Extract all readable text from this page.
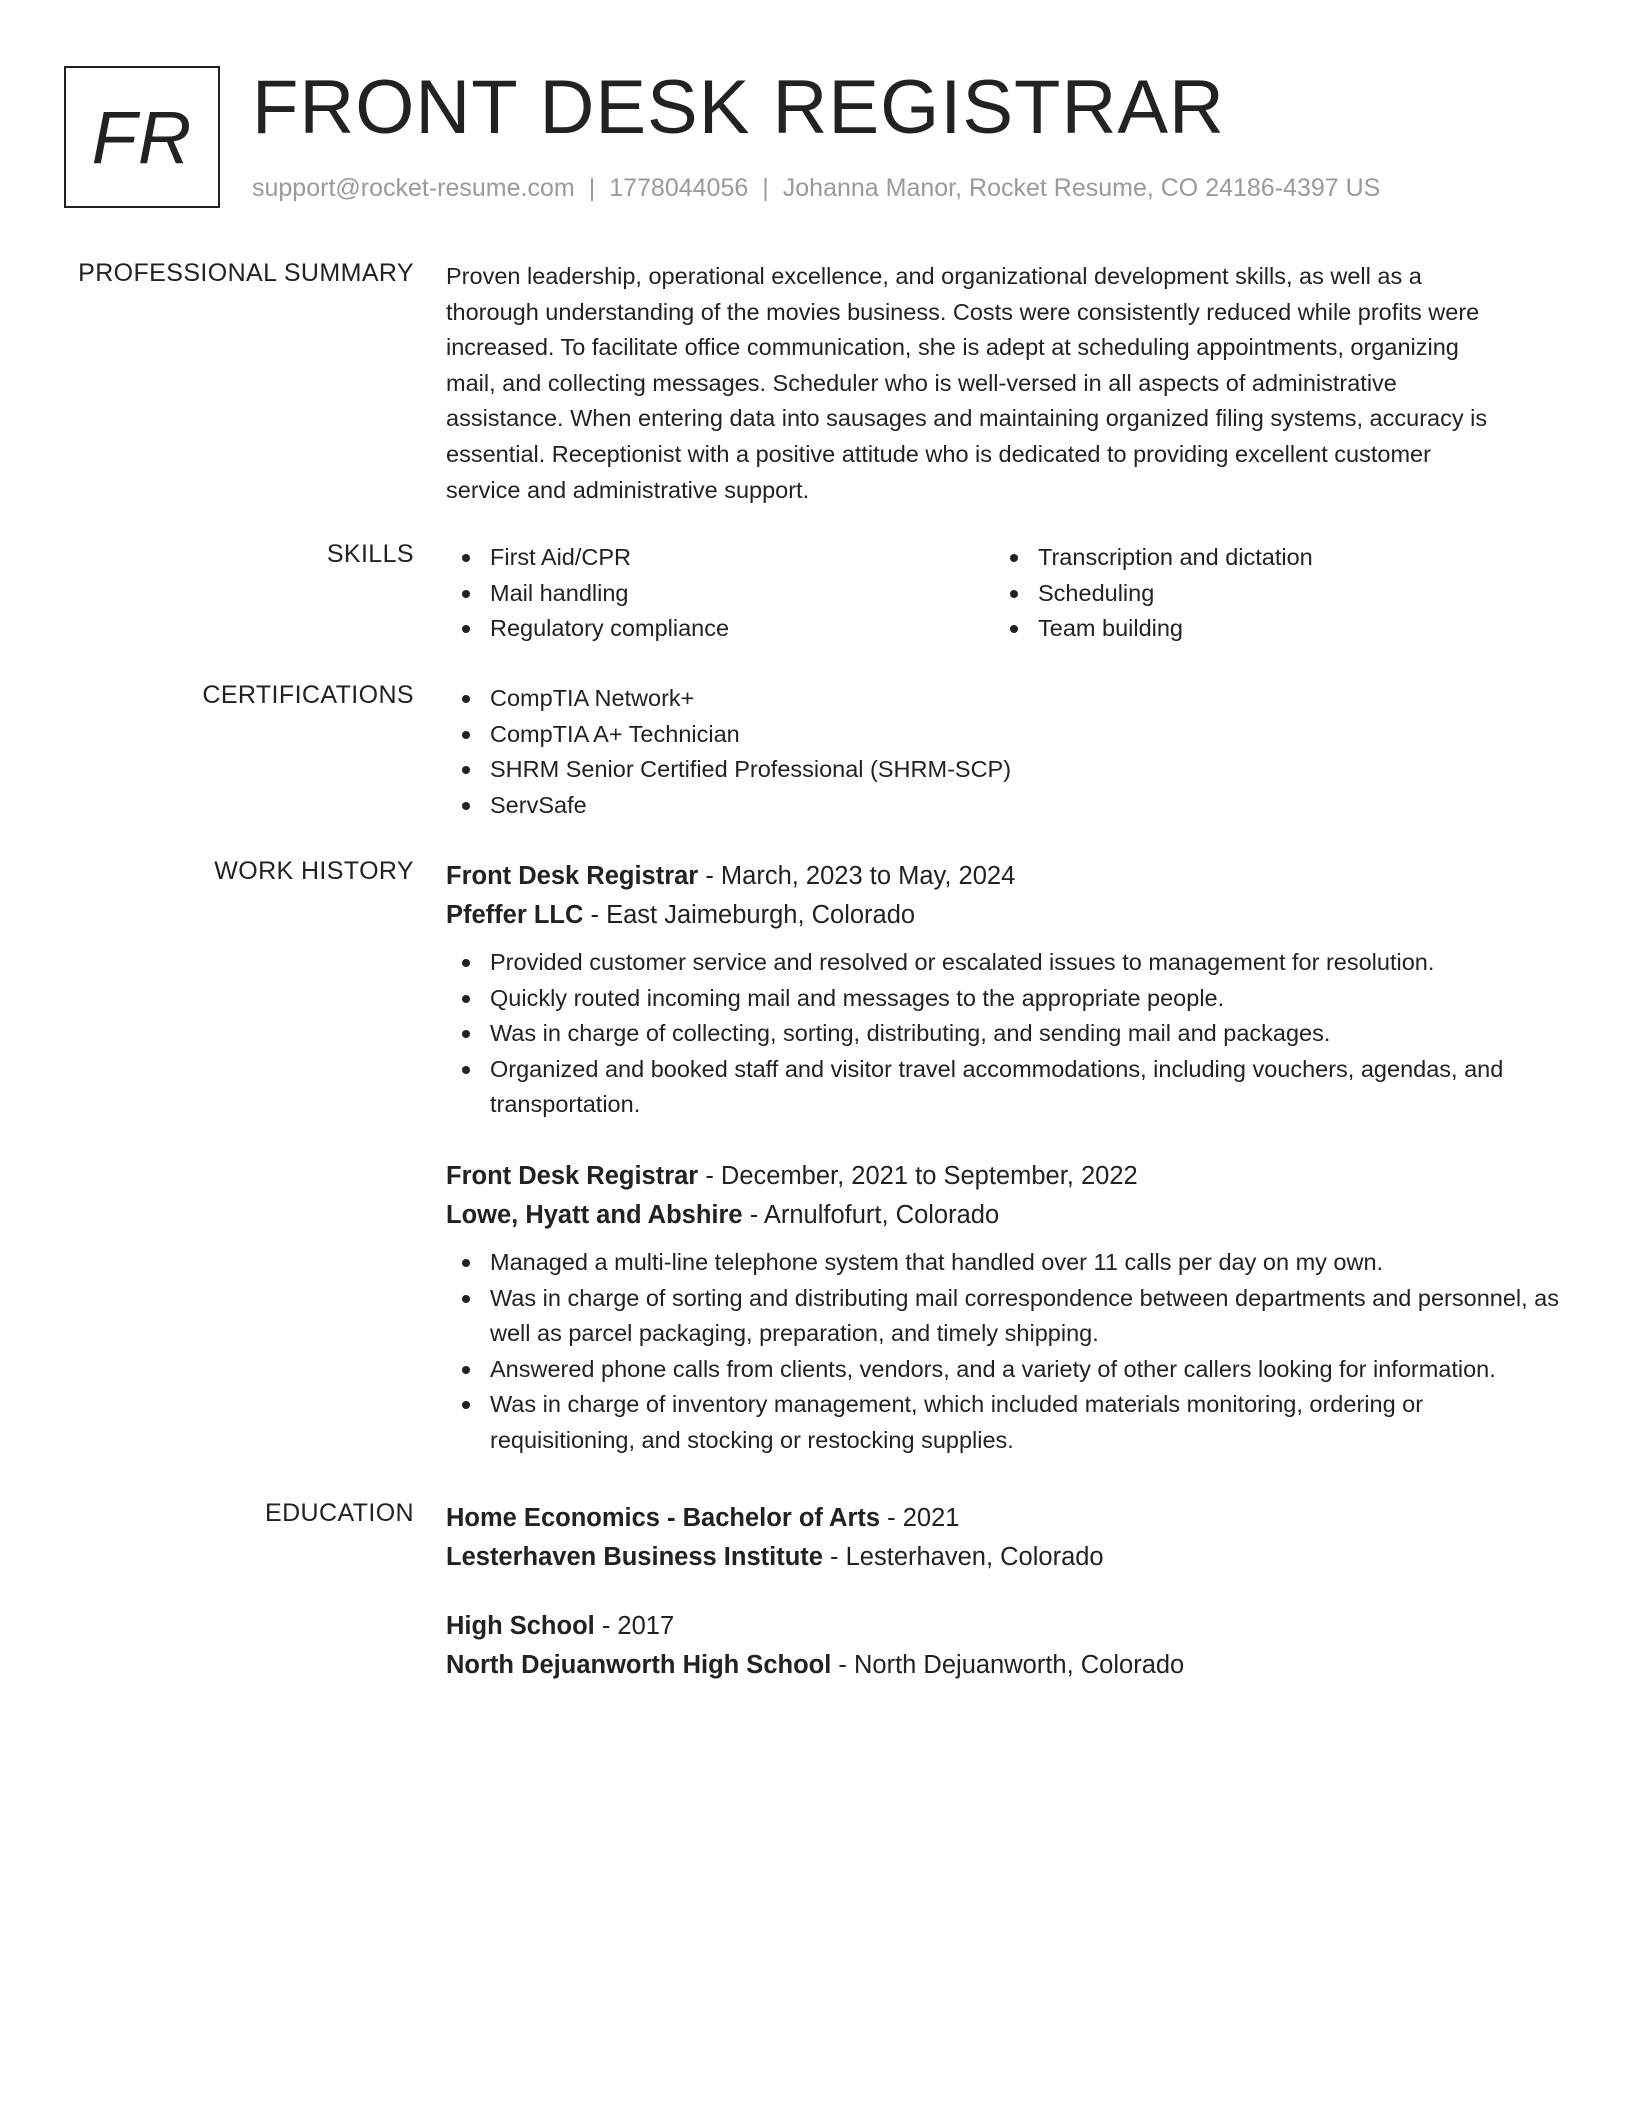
FR FRONT DESK REGISTRAR
support@rocket-resume.com | 1778044056 | Johanna Manor, Rocket Resume, CO 24186-4397 US
PROFESSIONAL SUMMARY Proven leadership, operational excellence, and organizational development skills, as well as a
thorough understanding of the movies business. Costs were consistently reduced while profits were
increased. To facilitate office communication, she is adept at scheduling appointments, organizing
mail, and collecting messages. Scheduler who is well-versed in all aspects of administrative
assistance. When entering data into sausages and maintaining organized filing systems, accuracy is
essential. Receptionist with a positive attitude who is dedicated to providing excellent customer
service and administrative support.
SKILLS	First Aid/CPR
Mail handling
Regulatory compliance
Transcription and dictation
Scheduling
Team building
CERTIFICATIONS	CompTIA Network+
CompTIA A+ Technician
SHRM Senior Certified Professional (SHRM-SCP)
ServSafe
WORK HISTORY Front Desk Registrar - March, 2023 to May, 2024
Pfeffer LLC - East Jaimeburgh, Colorado
Provided customer service and resolved or escalated issues to management for resolution.
Quickly routed incoming mail and messages to the appropriate people.
Was in charge of collecting, sorting, distributing, and sending mail and packages.
Organized and booked staff and visitor travel accommodations, including vouchers, agendas, and transportation.
Front Desk Registrar - December, 2021 to September, 2022
Lowe, Hyatt and Abshire - Arnulfofurt, Colorado
Managed a multi-line telephone system that handled over 11 calls per day on my own.
Was in charge of sorting and distributing mail correspondence between departments and personnel, as well as parcel packaging, preparation, and timely shipping.
Answered phone calls from clients, vendors, and a variety of other callers looking for information.
Was in charge of inventory management, which included materials monitoring, ordering or requisitioning, and stocking or restocking supplies.
EDUCATION Home Economics - Bachelor of Arts - 2021
Lesterhaven Business Institute - Lesterhaven, Colorado
High School - 2017
North Dejuanworth High School - North Dejuanworth, Colorado
